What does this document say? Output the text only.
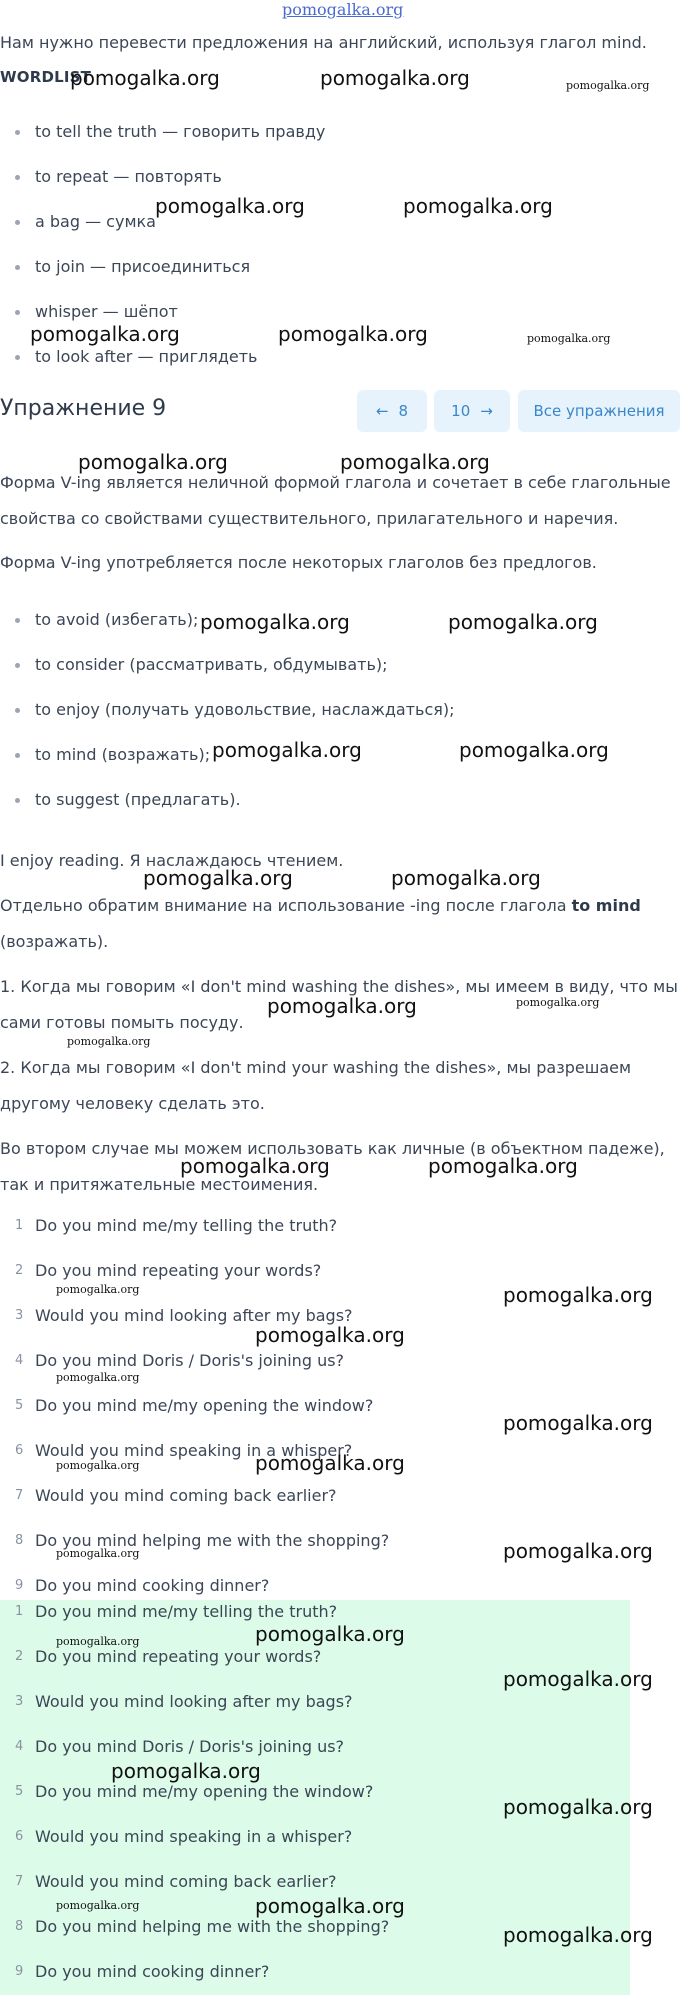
pomogalka.org
Нам нужно перевести предложения на английский, используя глагол mind.
WORDLIST
to tell the truth — говорить правду
to repeat — повторять
a bag — сумка
to join — присоединиться
whisper — шёпот
to look after — приглядеть
Упражнение 9	← 8	10 →	Все упражнения
Форма V-ing является неличной формой глагола и сочетает в себе глагольные
свойства со свойствами существительного, прилагательного и наречия.
Форма V-ing употребляется после некоторых глаголов без предлогов.
to avoid (избегать);
to consider (рассматривать, обдумывать);
to enjoy (получать удовольствие, наслаждаться);
to mind (возражать);
to suggest (предлагать).
I enjoy reading. Я наслаждаюсь чтением.
Отдельно обратим внимание на использование -ing после глагола to mind
(возражать).
1. Когда мы говорим «I don't mind washing the dishes», мы имеем в виду, что мы
сами готовы помыть посуду.
2. Когда мы говорим «I don't mind your washing the dishes», мы разрешаем
другому человеку сделать это.
Во втором случае мы можем использовать как личные (в объектном падеже),
так и притяжательные местоимения.
1 Do you mind me/my telling the truth?
2 Do you mind repeating your words?
3 Would you mind looking after my bags?
4 Do you mind Doris / Doris's joining us?
5 Do you mind me/my opening the window?
6 Would you mind speaking in a whisper?
7 Would you mind coming back earlier?
8 Do you mind helping me with the shopping?
9 Do you mind cooking dinner?
1 Do you mind me/my telling the truth?
2 Do you mind repeating your words?
3 Would you mind looking after my bags?
4 Do you mind Doris / Doris's joining us?
5 Do you mind me/my opening the window?
6 Would you mind speaking in a whisper?
7 Would you mind coming back earlier?
8 Do you mind helping me with the shopping?
9 Do you mind cooking dinner?
pomogalka.org	pomogalka.org	pomogalka.org
pomogalka.org	pomogalka.org
pomogalka.org	pomogalka.org	pomogalka.org
pomogalka.org	pomogalka.org
pomogalka.org	pomogalka.org
pomogalka.org	pomogalka.org
pomogalka.org	pomogalka.org
pomogalka.org	pomogalka.org
pomogalka.org
pomogalka.org	pomogalka.org
pomogalka.org	pomogalka.org
pomogalka.org
pomogalka.org
pomogalka.org
pomogalka.org	pomogalka.org
pomogalka.org	pomogalka.org
pomogalka.org
pomogalka.org
pomogalka.org
pomogalka.org
pomogalka.org
pomogalka.org	pomogalka.org
pomogalka.org
